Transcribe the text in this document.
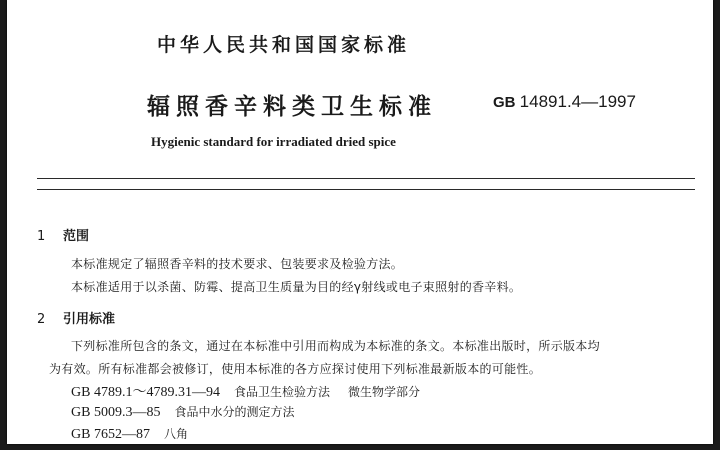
中华人民共和国国家标准
辐照香辛料类卫生标准	GB 14891.4—1997
Hygienic standard for irradiated dried spice
1 范围
本标准规定了辐照香辛料的技术要求、包装要求及检验方法。
本标准适用于以杀菌、防霉、提高卫生质量为目的经γ射线或电子束照射的香辛料。
2 引用标准
下列标准所包含的条文，通过在本标准中引用而构成为本标准的条文。本标准出版时，所示版本均
为有效。所有标准都会被修订，使用本标准的各方应探讨使用下列标准最新版本的可能性。
GB 4789.1～4789.31—94 食品卫生检验方法 微生物学部分
GB 5009.3—85 食品中水分的测定方法
GB 7652—87 八角
